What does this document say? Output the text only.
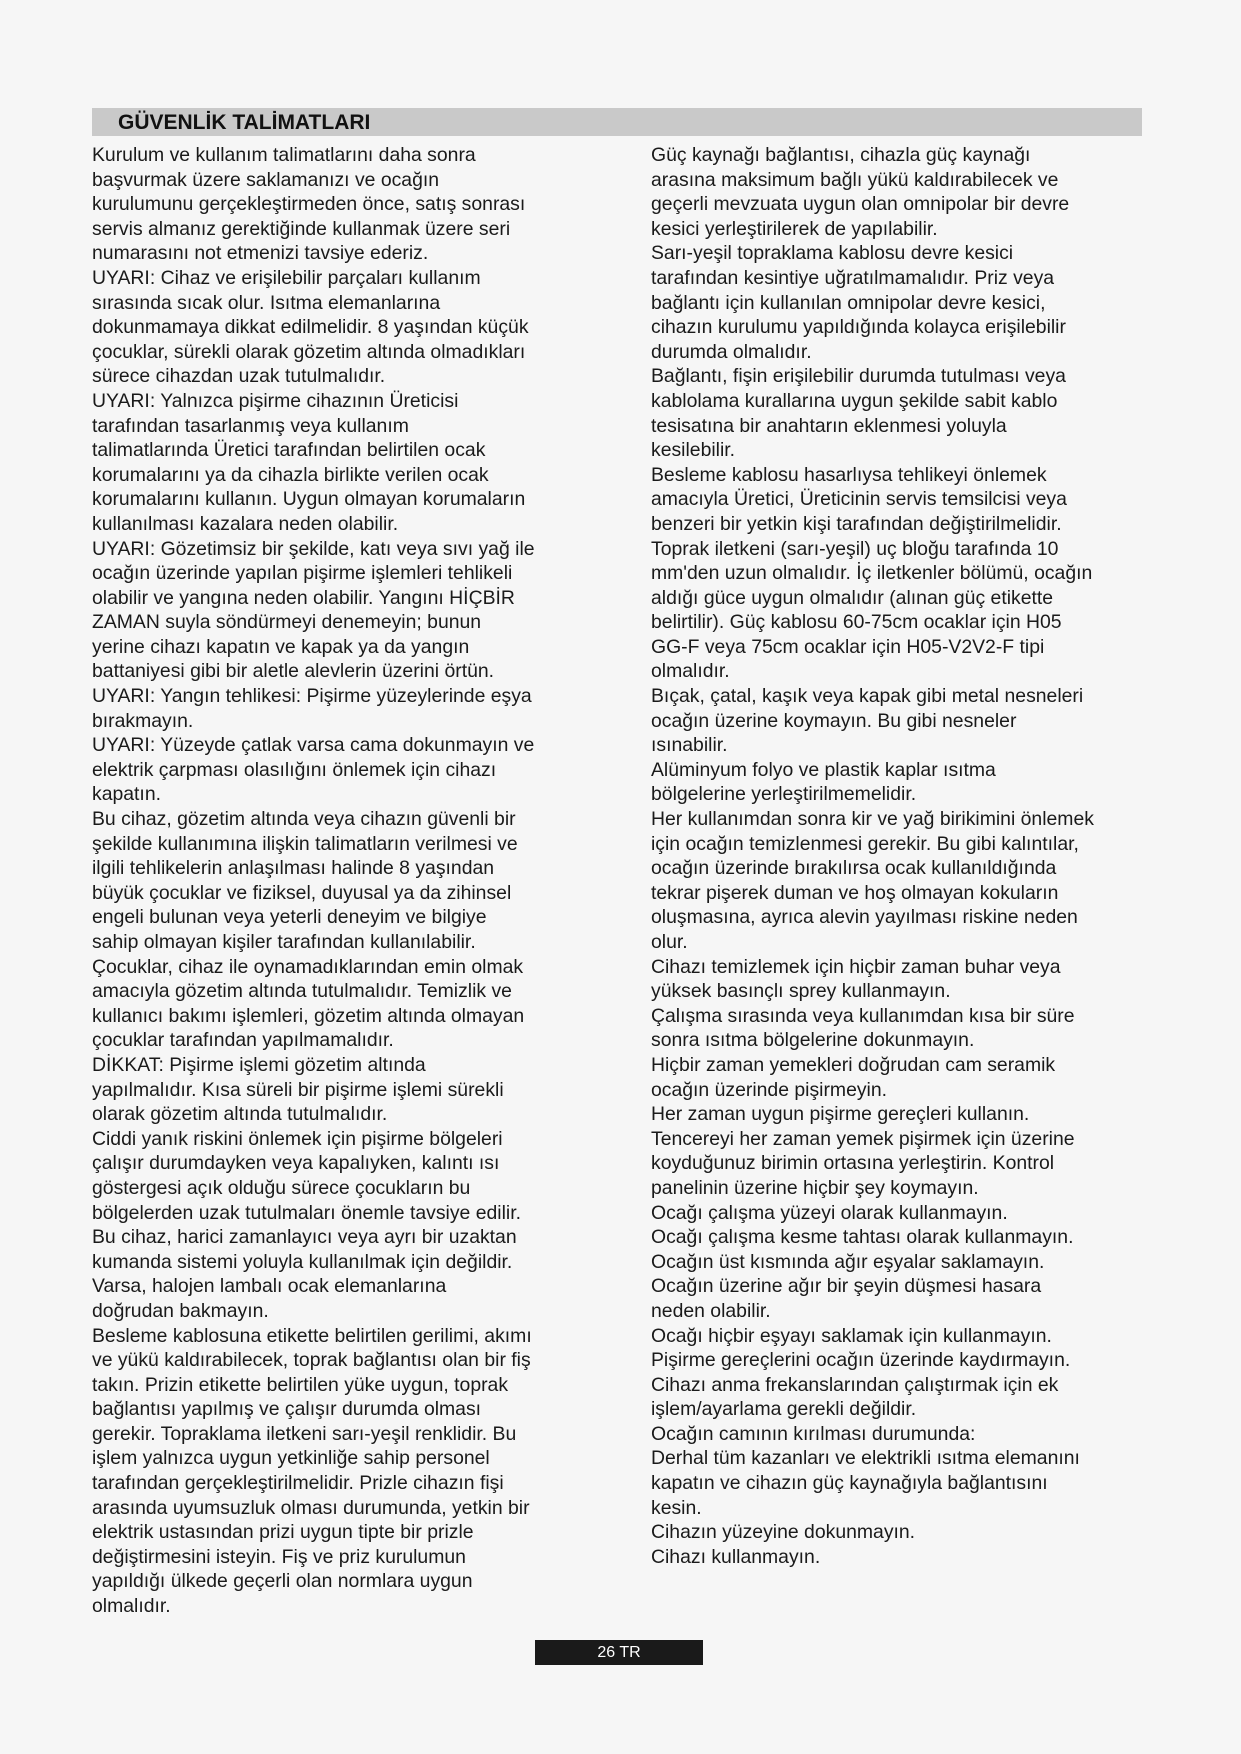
GÜVENLİK TALİMATLARI
Kurulum ve kullanım talimatlarını daha sonra
başvurmak üzere saklamanızı ve ocağın
kurulumunu gerçekleştirmeden önce, satış sonrası
servis almanız gerektiğinde kullanmak üzere seri
numarasını not etmenizi tavsiye ederiz.
UYARI: Cihaz ve erişilebilir parçaları kullanım
sırasında sıcak olur. Isıtma elemanlarına
dokunmamaya dikkat edilmelidir. 8 yaşından küçük
çocuklar, sürekli olarak gözetim altında olmadıkları
sürece cihazdan uzak tutulmalıdır.
UYARI: Yalnızca pişirme cihazının Üreticisi
tarafından tasarlanmış veya kullanım
talimatlarında Üretici tarafından belirtilen ocak
korumalarını ya da cihazla birlikte verilen ocak
korumalarını kullanın. Uygun olmayan korumaların
kullanılması kazalara neden olabilir.
UYARI: Gözetimsiz bir şekilde, katı veya sıvı yağ ile
ocağın üzerinde yapılan pişirme işlemleri tehlikeli
olabilir ve yangına neden olabilir. Yangını HİÇBİR
ZAMAN suyla söndürmeyi denemeyin; bunun
yerine cihazı kapatın ve kapak ya da yangın
battaniyesi gibi bir aletle alevlerin üzerini örtün.
UYARI: Yangın tehlikesi: Pişirme yüzeylerinde eşya
bırakmayın.
UYARI: Yüzeyde çatlak varsa cama dokunmayın ve
elektrik çarpması olasılığını önlemek için cihazı
kapatın.
Bu cihaz, gözetim altında veya cihazın güvenli bir
şekilde kullanımına ilişkin talimatların verilmesi ve
ilgili tehlikelerin anlaşılması halinde 8 yaşından
büyük çocuklar ve fiziksel, duyusal ya da zihinsel
engeli bulunan veya yeterli deneyim ve bilgiye
sahip olmayan kişiler tarafından kullanılabilir.
Çocuklar, cihaz ile oynamadıklarından emin olmak
amacıyla gözetim altında tutulmalıdır. Temizlik ve
kullanıcı bakımı işlemleri, gözetim altında olmayan
çocuklar tarafından yapılmamalıdır.
DİKKAT: Pişirme işlemi gözetim altında
yapılmalıdır. Kısa süreli bir pişirme işlemi sürekli
olarak gözetim altında tutulmalıdır.
Ciddi yanık riskini önlemek için pişirme bölgeleri
çalışır durumdayken veya kapalıyken, kalıntı ısı
göstergesi açık olduğu sürece çocukların bu
bölgelerden uzak tutulmaları önemle tavsiye edilir.
Bu cihaz, harici zamanlayıcı veya ayrı bir uzaktan
kumanda sistemi yoluyla kullanılmak için değildir.
Varsa, halojen lambalı ocak elemanlarına
doğrudan bakmayın.
Besleme kablosuna etikette belirtilen gerilimi, akımı
ve yükü kaldırabilecek, toprak bağlantısı olan bir fiş
takın. Prizin etikette belirtilen yüke uygun, toprak
bağlantısı yapılmış ve çalışır durumda olması
gerekir. Topraklama iletkeni sarı-yeşil renklidir. Bu
işlem yalnızca uygun yetkinliğe sahip personel
tarafından gerçekleştirilmelidir. Prizle cihazın fişi
arasında uyumsuzluk olması durumunda, yetkin bir
elektrik ustasından prizi uygun tipte bir prizle
değiştirmesini isteyin. Fiş ve priz kurulumun
yapıldığı ülkede geçerli olan normlara uygun
olmalıdır.
Güç kaynağı bağlantısı, cihazla güç kaynağı
arasına maksimum bağlı yükü kaldırabilecek ve
geçerli mevzuata uygun olan omnipolar bir devre
kesici yerleştirilerek de yapılabilir.
Sarı-yeşil topraklama kablosu devre kesici
tarafından kesintiye uğratılmamalıdır. Priz veya
bağlantı için kullanılan omnipolar devre kesici,
cihazın kurulumu yapıldığında kolayca erişilebilir
durumda olmalıdır.
Bağlantı, fişin erişilebilir durumda tutulması veya
kablolama kurallarına uygun şekilde sabit kablo
tesisatına bir anahtarın eklenmesi yoluyla
kesilebilir.
Besleme kablosu hasarlıysa tehlikeyi önlemek
amacıyla Üretici, Üreticinin servis temsilcisi veya
benzeri bir yetkin kişi tarafından değiştirilmelidir.
Toprak iletkeni (sarı-yeşil) uç bloğu tarafında 10
mm'den uzun olmalıdır. İç iletkenler bölümü, ocağın
aldığı güce uygun olmalıdır (alınan güç etikette
belirtilir). Güç kablosu 60-75cm ocaklar için H05
GG-F veya 75cm ocaklar için H05-V2V2-F tipi
olmalıdır.
Bıçak, çatal, kaşık veya kapak gibi metal nesneleri
ocağın üzerine koymayın. Bu gibi nesneler
ısınabilir.
Alüminyum folyo ve plastik kaplar ısıtma
bölgelerine yerleştirilmemelidir.
Her kullanımdan sonra kir ve yağ birikimini önlemek
için ocağın temizlenmesi gerekir. Bu gibi kalıntılar,
ocağın üzerinde bırakılırsa ocak kullanıldığında
tekrar pişerek duman ve hoş olmayan kokuların
oluşmasına, ayrıca alevin yayılması riskine neden
olur.
Cihazı temizlemek için hiçbir zaman buhar veya
yüksek basınçlı sprey kullanmayın.
Çalışma sırasında veya kullanımdan kısa bir süre
sonra ısıtma bölgelerine dokunmayın.
Hiçbir zaman yemekleri doğrudan cam seramik
ocağın üzerinde pişirmeyin.
Her zaman uygun pişirme gereçleri kullanın.
Tencereyi her zaman yemek pişirmek için üzerine
koyduğunuz birimin ortasına yerleştirin. Kontrol
panelinin üzerine hiçbir şey koymayın.
Ocağı çalışma yüzeyi olarak kullanmayın.
Ocağı çalışma kesme tahtası olarak kullanmayın.
Ocağın üst kısmında ağır eşyalar saklamayın.
Ocağın üzerine ağır bir şeyin düşmesi hasara
neden olabilir.
Ocağı hiçbir eşyayı saklamak için kullanmayın.
Pişirme gereçlerini ocağın üzerinde kaydırmayın.
Cihazı anma frekanslarından çalıştırmak için ek
işlem/ayarlama gerekli değildir.
Ocağın camının kırılması durumunda:
Derhal tüm kazanları ve elektrikli ısıtma elemanını
kapatın ve cihazın güç kaynağıyla bağlantısını
kesin.
Cihazın yüzeyine dokunmayın.
Cihazı kullanmayın.
26 TR
